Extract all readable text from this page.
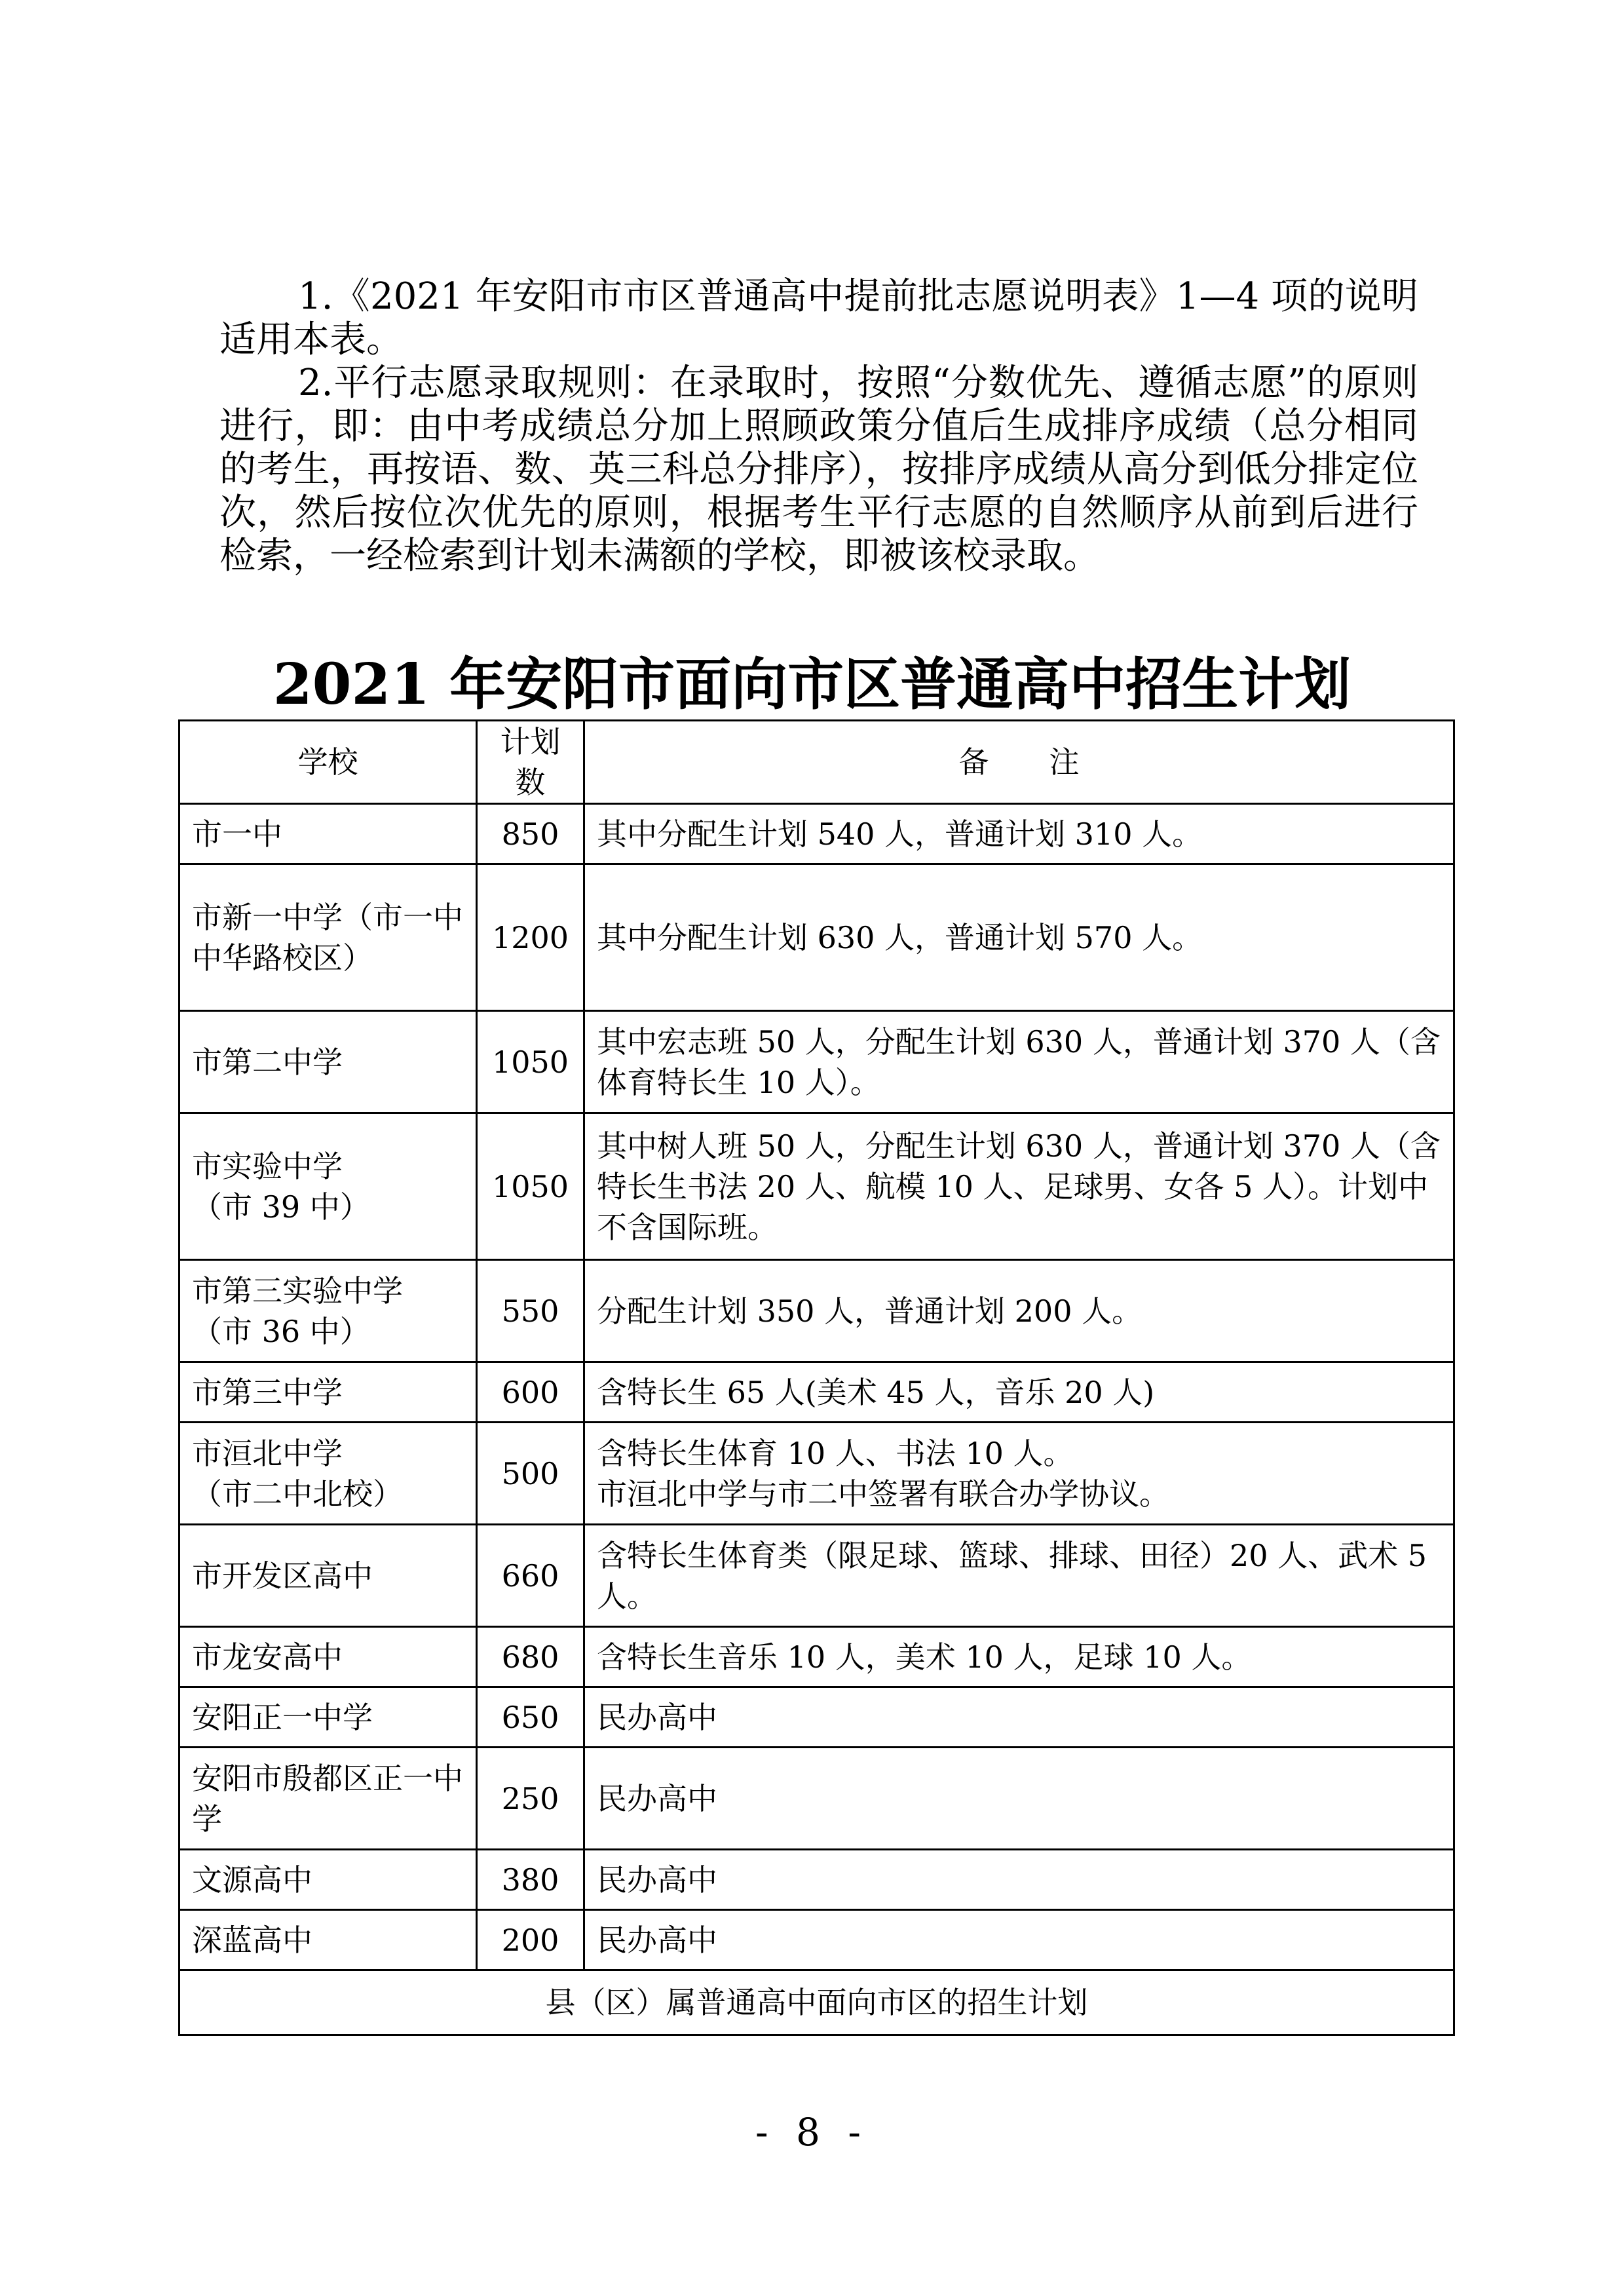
1.《2021 年安阳市市区普通高中提前批志愿说明表》1—4 项的说明适用本表。

2.平行志愿录取规则：在录取时，按照“分数优先、遵循志愿”的原则进行，即：由中考成绩总分加上照顾政策分值后生成排序成绩（总分相同的考生，再按语、数、英三科总分排序），按排序成绩从高分到低分排定位次，然后按位次优先的原则，根据考生平行志愿的自然顺序从前到后进行检索，一经检索到计划未满额的学校，即被该校录取。

2021 年安阳市面向市区普通高中招生计划
学校	计划数	备　　注
市一中	850	其中分配生计划 540 人，普通计划 310 人。
市新一中学（市一中
中华路校区）	1200	其中分配生计划 630 人，普通计划 570 人。
市第二中学	1050	其中宏志班 50 人，分配生计划 630 人，普通计划 370 人（含体育特长生 10 人）。
市实验中学
（市 39 中）	1050	其中树人班 50 人，分配生计划 630 人，普通计划 370 人（含特长生书法 20 人、航模 10 人、足球男、女各 5 人）。计划中不含国际班。
市第三实验中学
（市 36 中）	550	分配生计划 350 人，普通计划 200 人。
市第三中学	600	含特长生 65 人(美术 45 人，音乐 20 人)
市洹北中学
（市二中北校）	500	含特长生体育 10 人、书法 10 人。
市洹北中学与市二中签署有联合办学协议。
市开发区高中	660	含特长生体育类（限足球、篮球、排球、田径）20 人、武术 5 人。
市龙安高中	680	含特长生音乐 10 人，美术 10 人，足球 10 人。
安阳正一中学	650	民办高中
安阳市殷都区正一中学	250	民办高中
文源高中	380	民办高中
深蓝高中	200	民办高中
县（区）属普通高中面向市区的招生计划		
- 8 -
